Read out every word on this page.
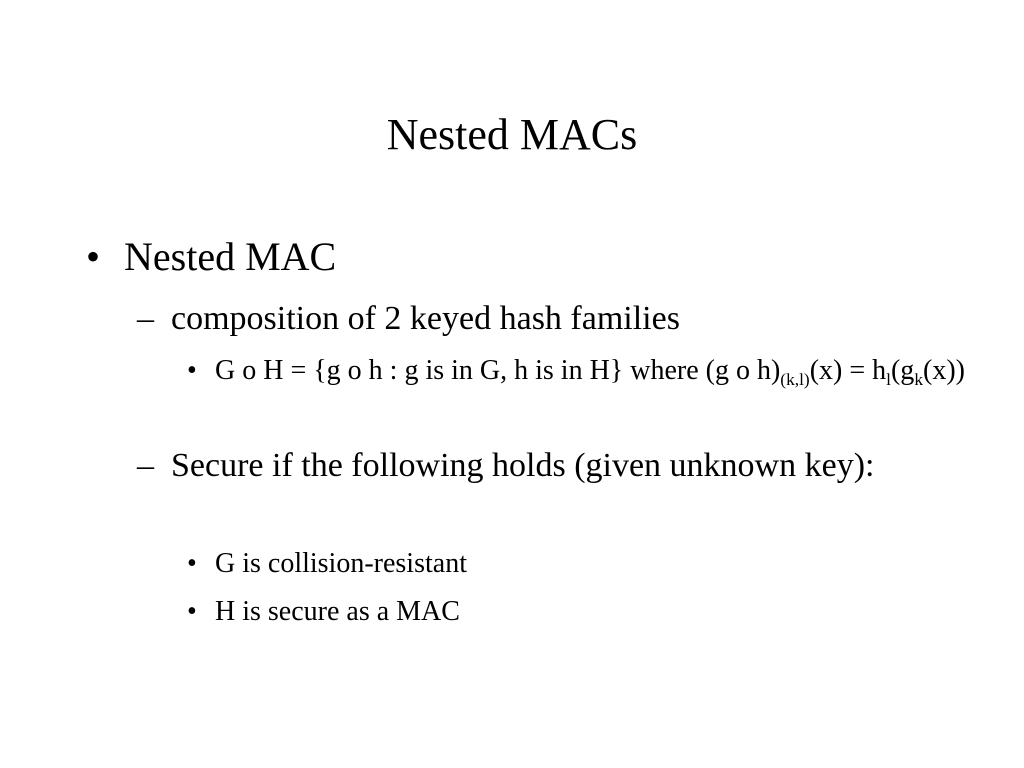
Nested MACs
• Nested MAC
– composition of 2 keyed hash families
• G o H = {g o h : g is in G, h is in H} where (g o $h)_{(k,l)}(x) = h_l(g_k(x))$
– Secure if the following holds (given unknown key):
• G is collision-resistant
• H is secure as a MAC
